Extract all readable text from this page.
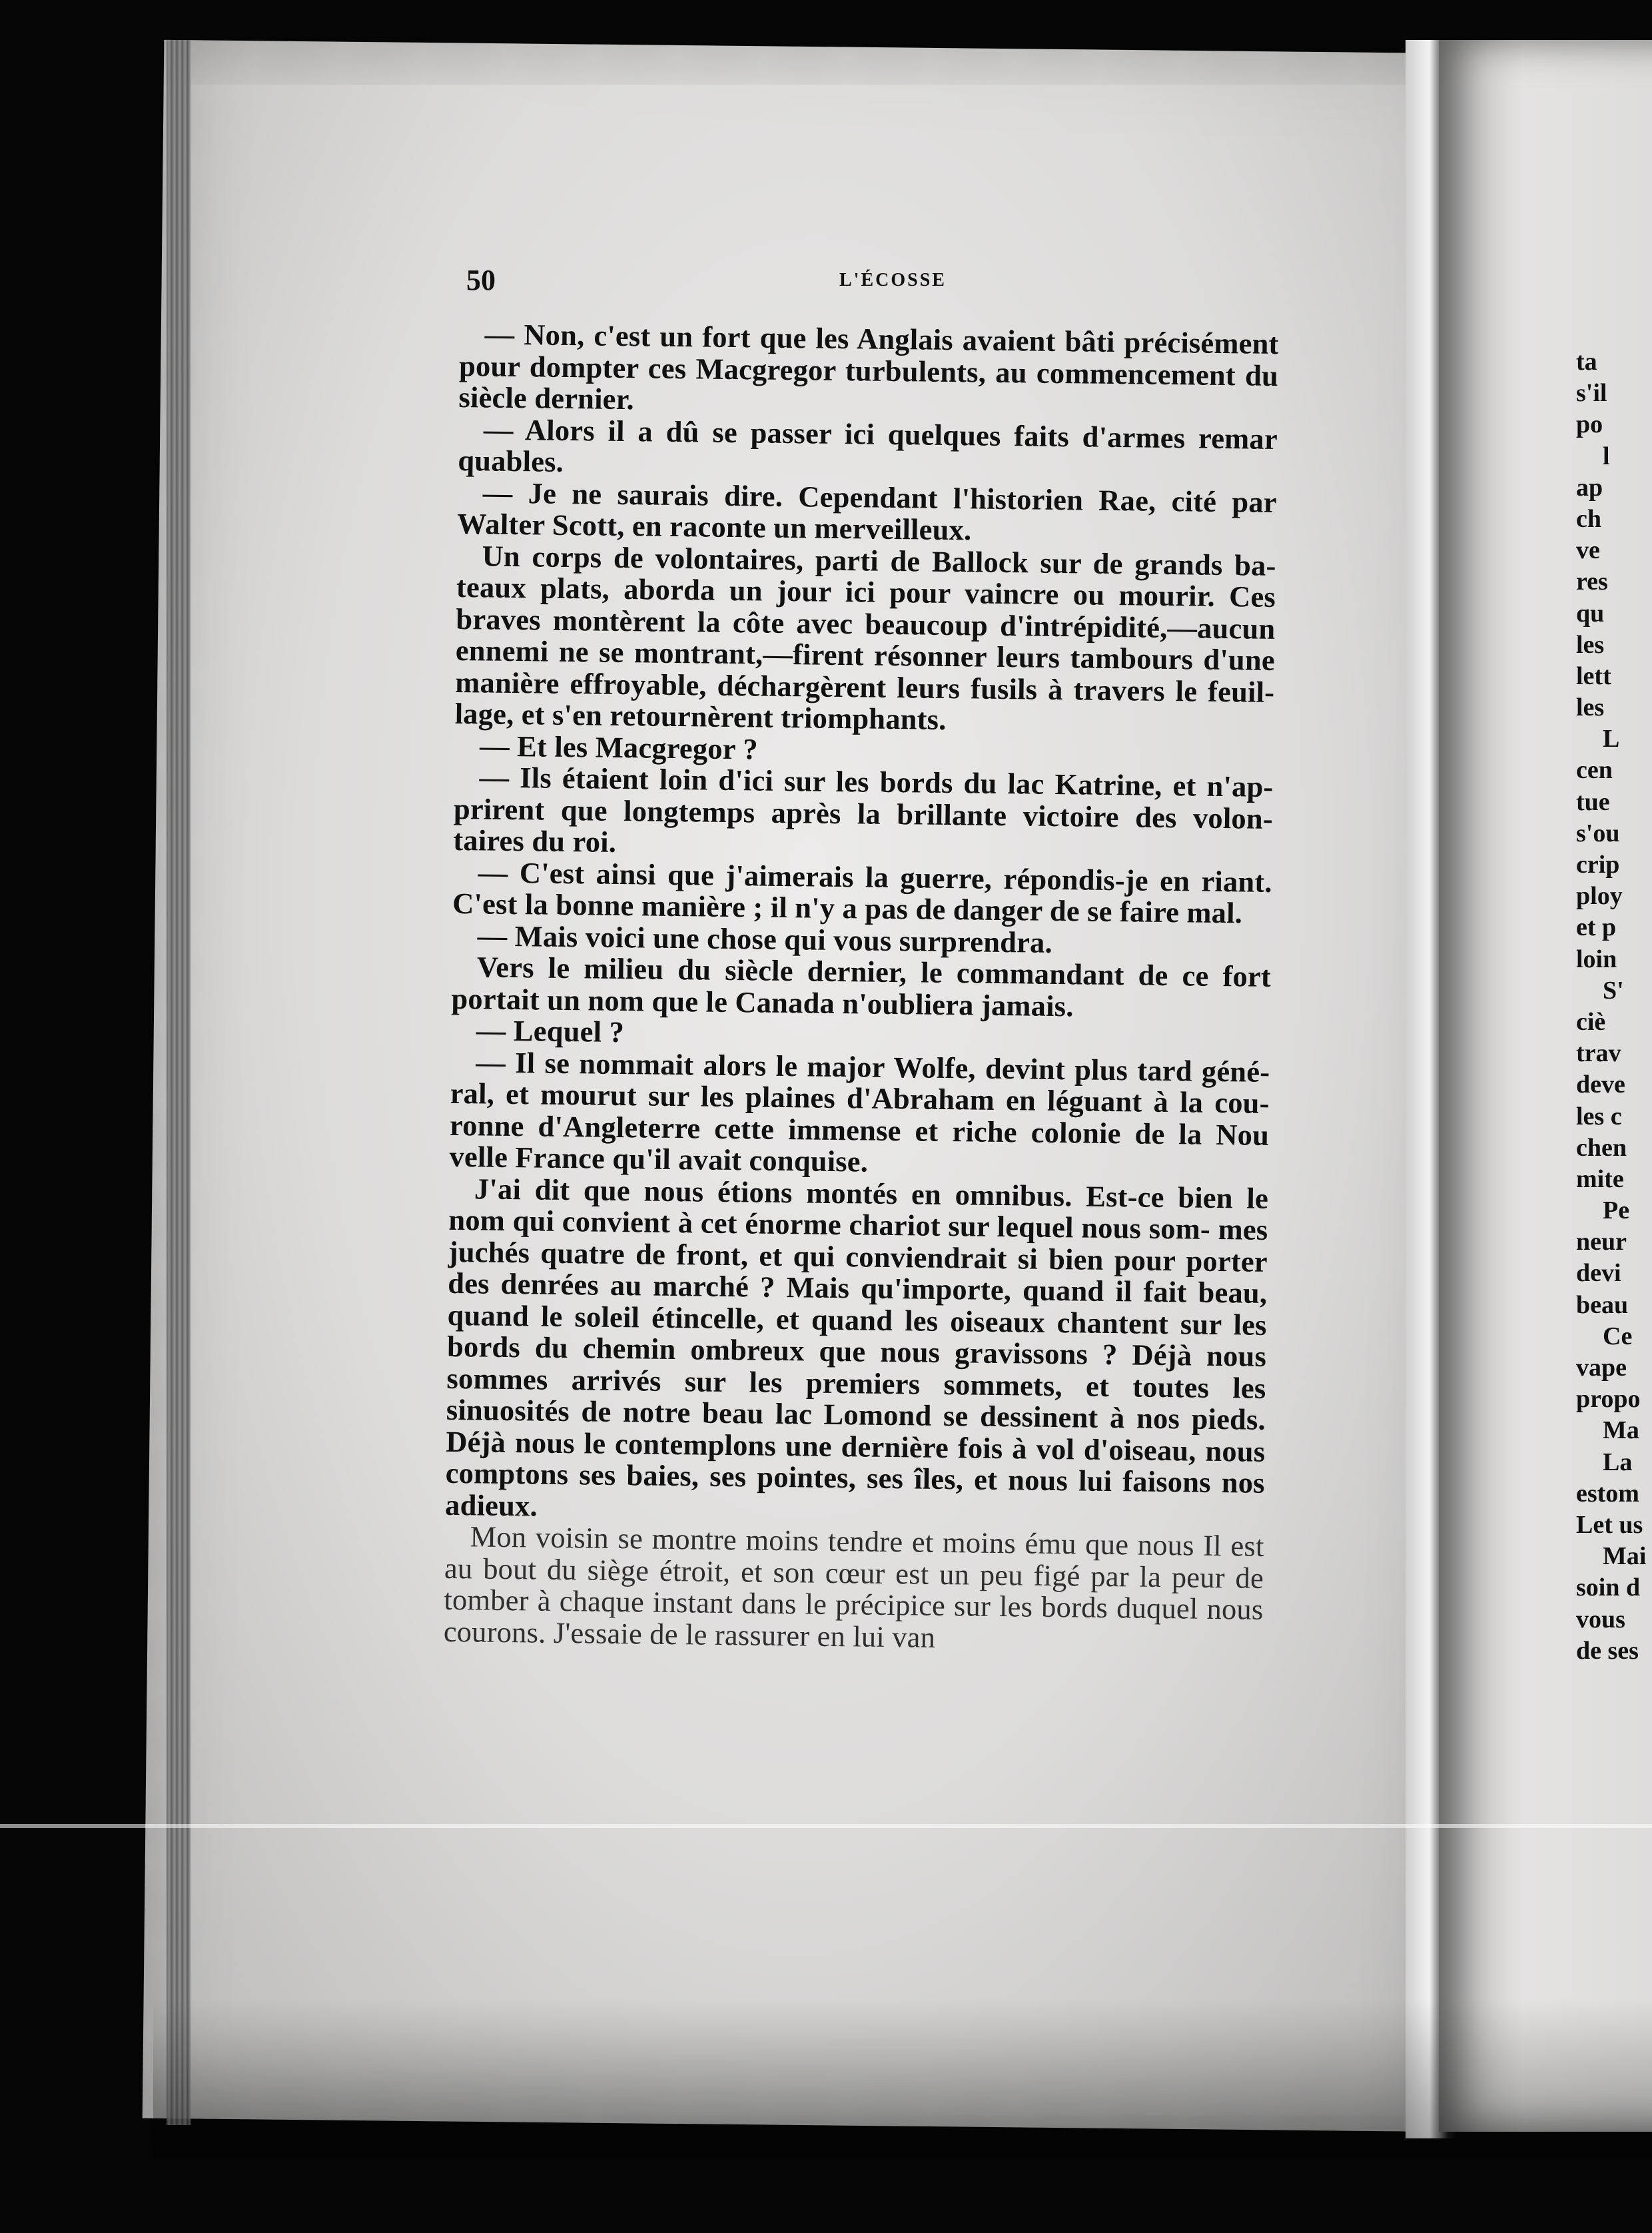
50	L'ÉCOSSE

— Non, c'est un fort que les Anglais avaient bâti précisément pour dompter ces Macgregor turbulents, au commencement du siècle dernier.

— Alors il a dû se passer ici quelques faits d'armes remar quables.

— Je ne saurais dire. Cependant l'historien Rae, cité par Walter Scott, en raconte un merveilleux.

Un corps de volontaires, parti de Ballock sur de grands ba- teaux plats, aborda un jour ici pour vaincre ou mourir. Ces braves montèrent la côte avec beaucoup d'intrépidité,—aucun ennemi ne se montrant,—firent résonner leurs tambours d'une manière effroyable, déchargèrent leurs fusils à travers le feuil- lage, et s'en retournèrent triomphants.

— Et les Macgregor ?

— Ils étaient loin d'ici sur les bords du lac Katrine, et n'ap- prirent que longtemps après la brillante victoire des volon- taires du roi.

— C'est ainsi que j'aimerais la guerre, répondis-je en riant. C'est la bonne manière ; il n'y a pas de danger de se faire mal.

— Mais voici une chose qui vous surprendra.

Vers le milieu du siècle dernier, le commandant de ce fort portait un nom que le Canada n'oubliera jamais.

— Lequel ?

— Il se nommait alors le major Wolfe, devint plus tard géné- ral, et mourut sur les plaines d'Abraham en léguant à la cou- ronne d'Angleterre cette immense et riche colonie de la Nou velle France qu'il avait conquise.

J'ai dit que nous étions montés en omnibus. Est-ce bien le nom qui convient à cet énorme chariot sur lequel nous som- mes juchés quatre de front, et qui conviendrait si bien pour porter des denrées au marché ? Mais qu'importe, quand il fait beau, quand le soleil étincelle, et quand les oiseaux chantent sur les bords du chemin ombreux que nous gravissons ? Déjà nous sommes arrivés sur les premiers sommets, et toutes les sinuosités de notre beau lac Lomond se dessinent à nos pieds. Déjà nous le contemplons une dernière fois à vol d'oiseau, nous comptons ses baies, ses pointes, ses îles, et nous lui faisons nos adieux.

Mon voisin se montre moins tendre et moins ému que nous Il est au bout du siège étroit, et son cœur est un peu figé par la peur de tomber à chaque instant dans le précipice sur les bords duquel nous courons. J'essaie de le rassurer en lui van

ta
s'il
po
l
ap
ch
ve
res
qu
les
lett
les
L
cen
tue
s'ou
crip
ploy
et p
loin
S'
ciè
trav
deve
les c
chen
mite
Pe
neur
devi
beau
Ce
vape
propo
Ma
La
estom
Let us
Mai
soin d
vous
de ses
